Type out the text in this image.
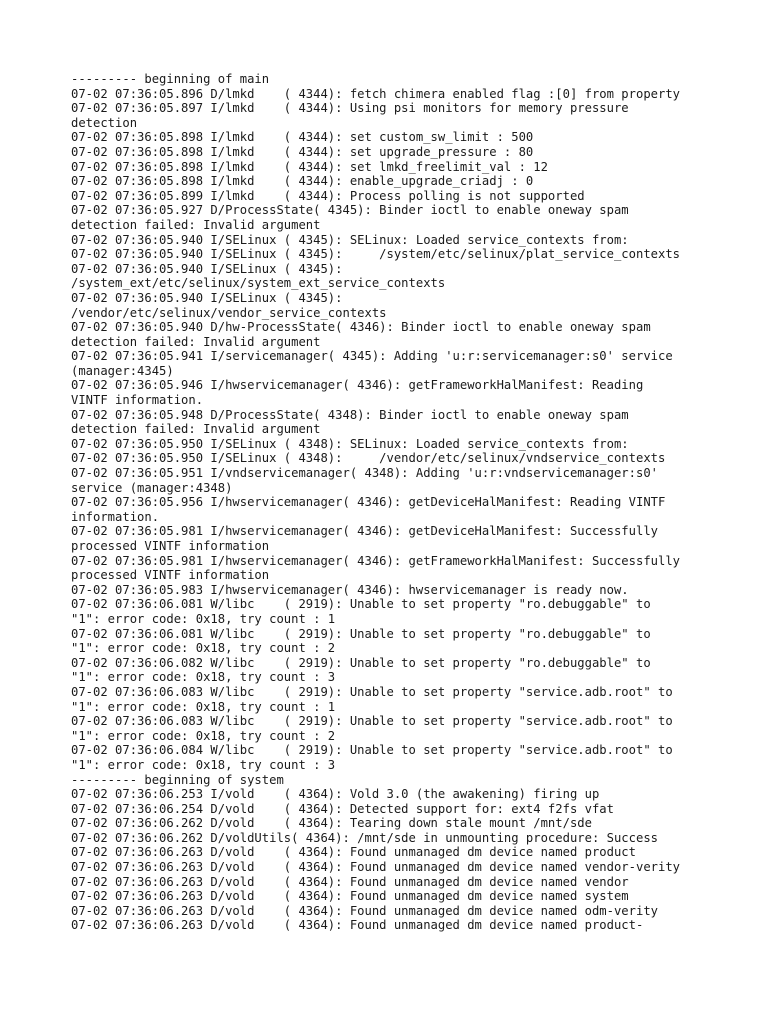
--------- beginning of main
07-02 07:36:05.896 D/lmkd    ( 4344): fetch chimera enabled flag :[0] from property
07-02 07:36:05.897 I/lmkd    ( 4344): Using psi monitors for memory pressure
detection
07-02 07:36:05.898 I/lmkd    ( 4344): set custom_sw_limit : 500
07-02 07:36:05.898 I/lmkd    ( 4344): set upgrade_pressure : 80
07-02 07:36:05.898 I/lmkd    ( 4344): set lmkd_freelimit_val : 12
07-02 07:36:05.898 I/lmkd    ( 4344): enable_upgrade_criadj : 0
07-02 07:36:05.899 I/lmkd    ( 4344): Process polling is not supported
07-02 07:36:05.927 D/ProcessState( 4345): Binder ioctl to enable oneway spam
detection failed: Invalid argument
07-02 07:36:05.940 I/SELinux ( 4345): SELinux: Loaded service_contexts from:
07-02 07:36:05.940 I/SELinux ( 4345):     /system/etc/selinux/plat_service_contexts
07-02 07:36:05.940 I/SELinux ( 4345):
/system_ext/etc/selinux/system_ext_service_contexts
07-02 07:36:05.940 I/SELinux ( 4345):
/vendor/etc/selinux/vendor_service_contexts
07-02 07:36:05.940 D/hw-ProcessState( 4346): Binder ioctl to enable oneway spam
detection failed: Invalid argument
07-02 07:36:05.941 I/servicemanager( 4345): Adding 'u:r:servicemanager:s0' service
(manager:4345)
07-02 07:36:05.946 I/hwservicemanager( 4346): getFrameworkHalManifest: Reading
VINTF information.
07-02 07:36:05.948 D/ProcessState( 4348): Binder ioctl to enable oneway spam
detection failed: Invalid argument
07-02 07:36:05.950 I/SELinux ( 4348): SELinux: Loaded service_contexts from:
07-02 07:36:05.950 I/SELinux ( 4348):     /vendor/etc/selinux/vndservice_contexts
07-02 07:36:05.951 I/vndservicemanager( 4348): Adding 'u:r:vndservicemanager:s0'
service (manager:4348)
07-02 07:36:05.956 I/hwservicemanager( 4346): getDeviceHalManifest: Reading VINTF
information.
07-02 07:36:05.981 I/hwservicemanager( 4346): getDeviceHalManifest: Successfully
processed VINTF information
07-02 07:36:05.981 I/hwservicemanager( 4346): getFrameworkHalManifest: Successfully
processed VINTF information
07-02 07:36:05.983 I/hwservicemanager( 4346): hwservicemanager is ready now.
07-02 07:36:06.081 W/libc    ( 2919): Unable to set property "ro.debuggable" to
"1": error code: 0x18, try count : 1
07-02 07:36:06.081 W/libc    ( 2919): Unable to set property "ro.debuggable" to
"1": error code: 0x18, try count : 2
07-02 07:36:06.082 W/libc    ( 2919): Unable to set property "ro.debuggable" to
"1": error code: 0x18, try count : 3
07-02 07:36:06.083 W/libc    ( 2919): Unable to set property "service.adb.root" to
"1": error code: 0x18, try count : 1
07-02 07:36:06.083 W/libc    ( 2919): Unable to set property "service.adb.root" to
"1": error code: 0x18, try count : 2
07-02 07:36:06.084 W/libc    ( 2919): Unable to set property "service.adb.root" to
"1": error code: 0x18, try count : 3
--------- beginning of system
07-02 07:36:06.253 I/vold    ( 4364): Vold 3.0 (the awakening) firing up
07-02 07:36:06.254 D/vold    ( 4364): Detected support for: ext4 f2fs vfat
07-02 07:36:06.262 D/vold    ( 4364): Tearing down stale mount /mnt/sde
07-02 07:36:06.262 D/voldUtils( 4364): /mnt/sde in unmounting procedure: Success
07-02 07:36:06.263 D/vold    ( 4364): Found unmanaged dm device named product
07-02 07:36:06.263 D/vold    ( 4364): Found unmanaged dm device named vendor-verity
07-02 07:36:06.263 D/vold    ( 4364): Found unmanaged dm device named vendor
07-02 07:36:06.263 D/vold    ( 4364): Found unmanaged dm device named system
07-02 07:36:06.263 D/vold    ( 4364): Found unmanaged dm device named odm-verity
07-02 07:36:06.263 D/vold    ( 4364): Found unmanaged dm device named product-
